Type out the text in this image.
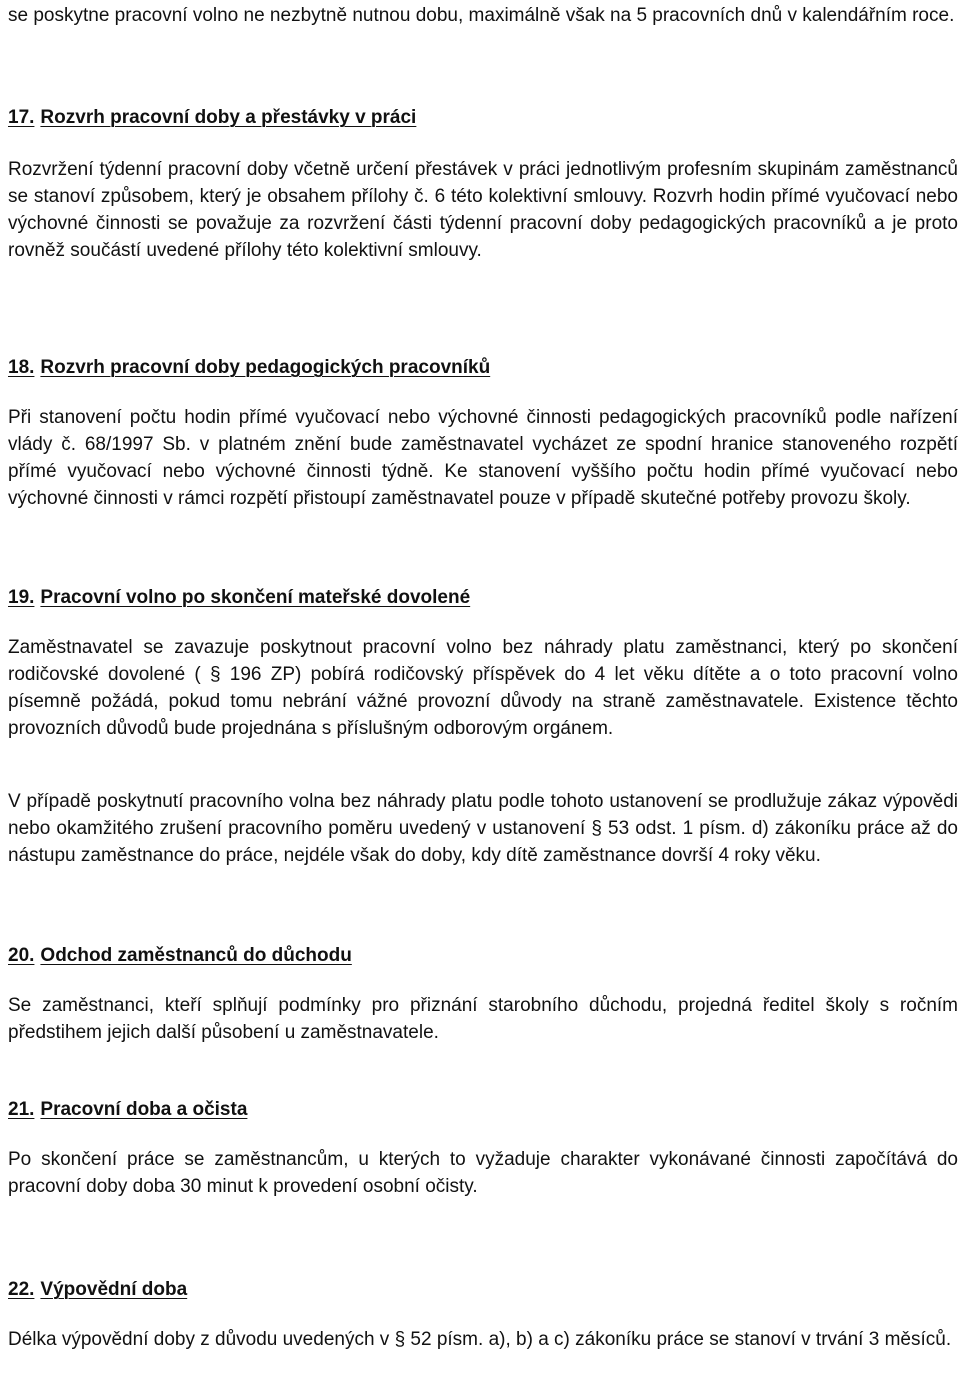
se poskytne pracovní volno ne nezbytně nutnou dobu, maximálně však na 5 pracovních dnů v kalendářním roce.

17. Rozvrh pracovní doby a přestávky v práci

Rozvržení týdenní pracovní doby včetně určení přestávek v práci jednotlivým profesním skupinám zaměstnanců se stanoví způsobem, který je obsahem přílohy č. 6 této kolektivní smlouvy. Rozvrh hodin přímé vyučovací nebo výchovné činnosti se považuje za rozvržení části týdenní pracovní doby pedagogických pracovníků a je proto rovněž součástí uvedené přílohy této kolektivní smlouvy.

18. Rozvrh pracovní doby pedagogických pracovníků

Při stanovení počtu hodin přímé vyučovací nebo výchovné činnosti pedagogických pracovníků podle nařízení vlády č. 68/1997 Sb. v platném znění bude zaměstnavatel vycházet ze spodní hranice stanoveného rozpětí přímé vyučovací nebo výchovné činnosti týdně. Ke stanovení vyššího počtu hodin přímé vyučovací nebo výchovné činnosti v rámci rozpětí přistoupí zaměstnavatel pouze v případě skutečné potřeby provozu školy.

19. Pracovní volno po skončení mateřské dovolené

Zaměstnavatel se zavazuje poskytnout pracovní volno bez náhrady platu zaměstnanci, který po skončení rodičovské dovolené ( § 196 ZP) pobírá rodičovský příspěvek do 4 let věku dítěte a o toto pracovní volno písemně požádá, pokud tomu nebrání vážné provozní důvody na straně zaměstnavatele. Existence těchto provozních důvodů bude projednána s příslušným odborovým orgánem.

V případě poskytnutí pracovního volna bez náhrady platu podle tohoto ustanovení se prodlužuje zákaz výpovědi nebo okamžitého zrušení pracovního poměru uvedený v ustanovení § 53 odst. 1 písm. d) zákoníku práce až do nástupu zaměstnance do práce, nejdéle však do doby, kdy dítě zaměstnance dovrší 4 roky věku.

20. Odchod zaměstnanců do důchodu

Se zaměstnanci, kteří splňují podmínky pro přiznání starobního důchodu, projedná ředitel školy s ročním předstihem jejich další působení u zaměstnavatele.

21. Pracovní doba a očista

Po skončení práce se zaměstnancům, u kterých to vyžaduje charakter vykonávané činnosti započítává do pracovní doby doba 30 minut k provedení osobní očisty.

22. Výpovědní doba

Délka výpovědní doby z důvodu uvedených v § 52 písm. a), b) a c) zákoníku práce se stanoví v trvání 3 měsíců.
